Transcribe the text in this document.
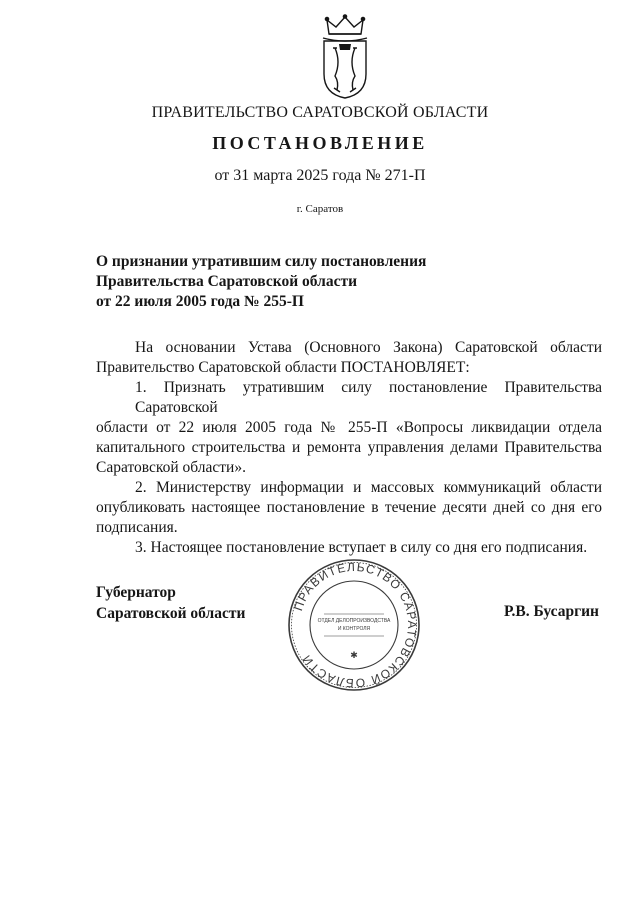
ПРАВИТЕЛЬСТВО САРАТОВСКОЙ ОБЛАСТИ
ПОСТАНОВЛЕНИЕ
от 31 марта 2025 года № 271-П
г. Саратов
О признании утратившим силу постановления
Правительства Саратовской области
от 22 июля 2005 года № 255-П
На основании Устава (Основного Закона) Саратовской области
Правительство Саратовской области ПОСТАНОВЛЯЕТ:
1. Признать утратившим силу постановление Правительства Саратовской
области от 22 июля 2005 года № 255-П «Вопросы ликвидации отдела
капитального строительства и ремонта управления делами Правительства
Саратовской области».
2. Министерству информации и массовых коммуникаций области
опубликовать настоящее постановление в течение десяти дней со дня его
подписания.
3. Настоящее постановление вступает в силу со дня его подписания.
Губернатор
Саратовской области	ПРАВИТЕЛЬСТВО САРАТОВСКОЙ ОБЛАСТИ
ОТДЕЛ ДЕЛОПРОИЗВОДСТВА
И КОНТРОЛЯ
✱
Р.В. Бусаргин
